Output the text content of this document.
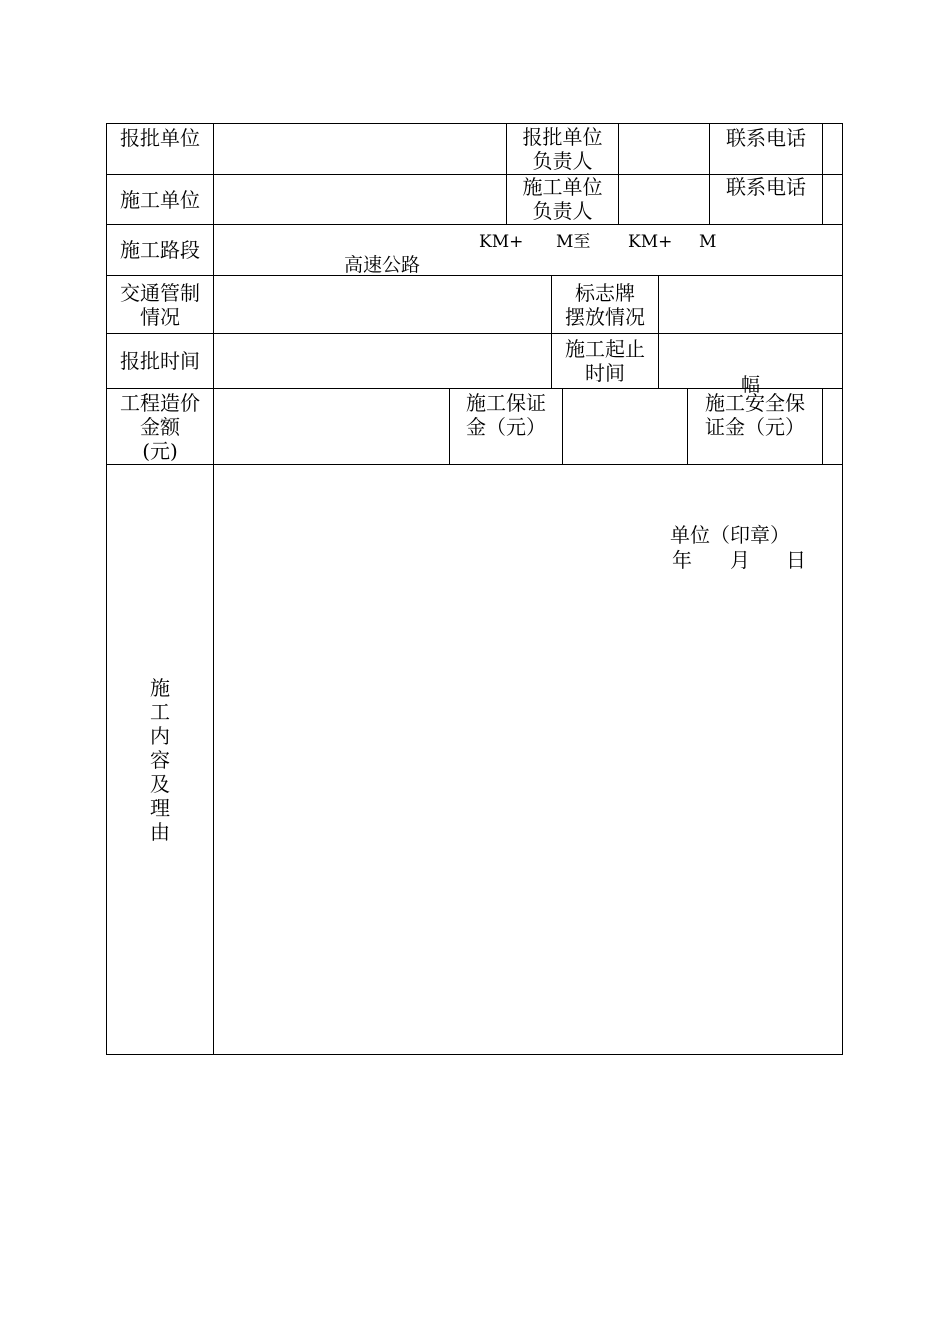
报批单位	报批单位
负责人
联系电话
施工单位
施工单位
负责人
联系电话
施工路段

高速公路

KM+

M至

KM+

M

幅

交通管制
情况
标志牌
摆放情况
报批时间	施工起止
时间
工程造价
金额
(元)
施工保证
金（元）
施工安全保
证金（元）
施工内容及理由
单位（印章）
年 月 日
